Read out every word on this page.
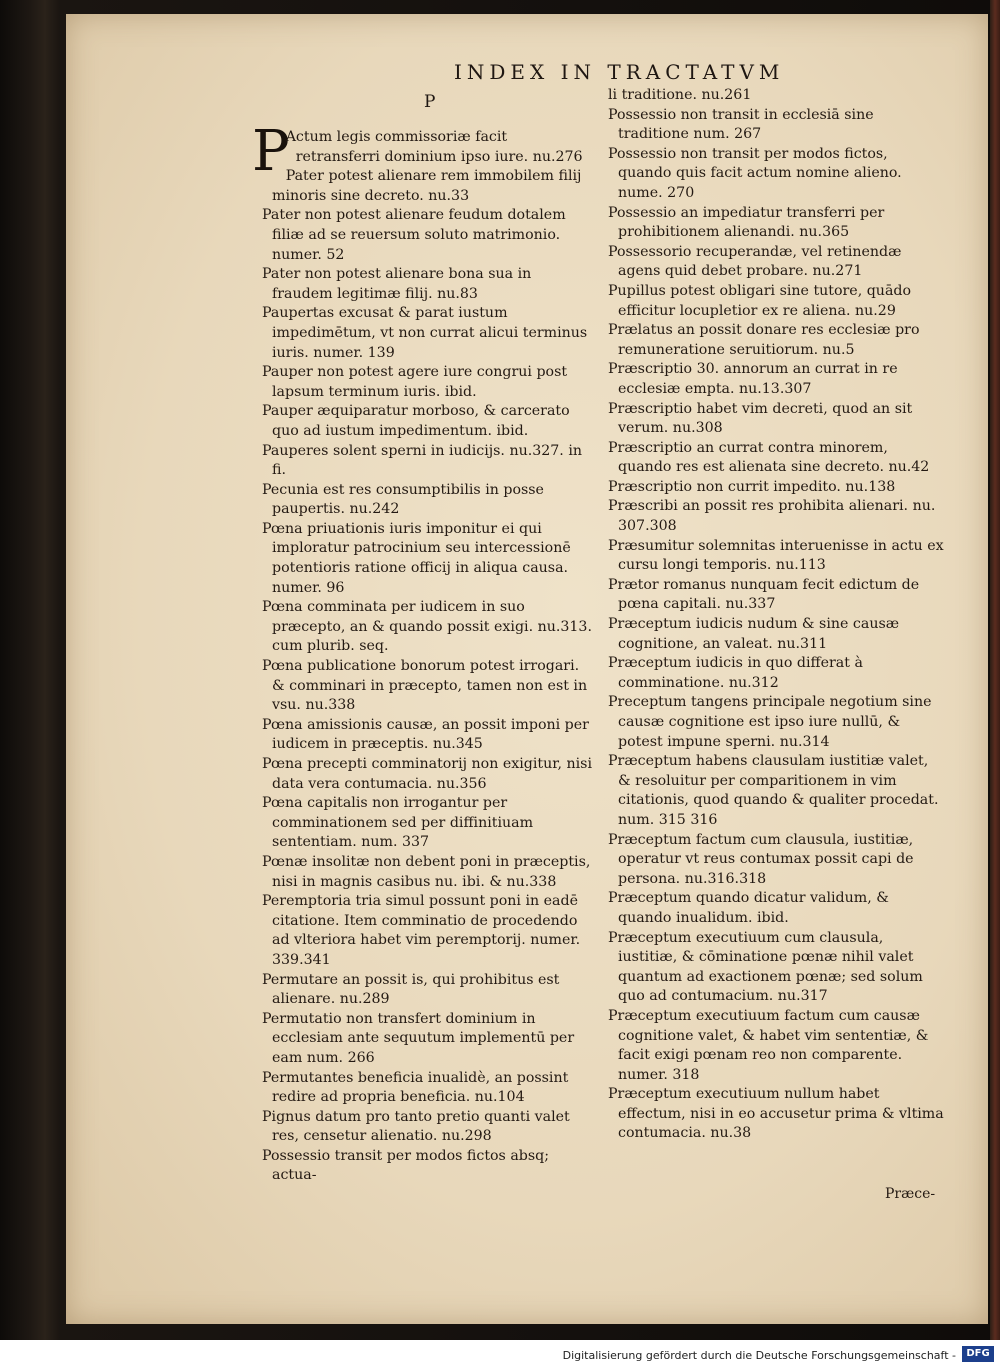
INDEX IN TRACTATVM
P
P

Actum legis commissoriæ facit retransferri dominium ipso iure. nu.276

Pater potest alienare rem immobilem filij minoris sine decreto. nu.33

Pater non potest alienare feudum dotalem filiæ ad se reuersum soluto matrimonio. numer. 52

Pater non potest alienare bona sua in fraudem legitimæ filij. nu.83

Paupertas excusat & parat iustum impedimētum, vt non currat alicui terminus iuris. numer. 139

Pauper non potest agere iure congrui post lapsum terminum iuris. ibid.

Pauper æquiparatur morboso, & carcerato quo ad iustum impedimentum. ibid.

Pauperes solent sperni in iudicijs. nu.327. in fi.

Pecunia est res consumptibilis in posse paupertis. nu.242

Pœna priuationis iuris imponitur ei qui imploratur patrocinium seu intercessionē potentioris ratione officij in aliqua causa. numer. 96

Pœna comminata per iudicem in suo præcepto, an & quando possit exigi. nu.313. cum plurib. seq.

Pœna publicatione bonorum potest irrogari. & comminari in præcepto, tamen non est in vsu. nu.338

Pœna amissionis causæ, an possit imponi per iudicem in præceptis. nu.345

Pœna precepti comminatorij non exigitur, nisi data vera contumacia. nu.356

Pœna capitalis non irrogantur per comminationem sed per diffinitiuam sententiam. num. 337

Pœnæ insolitæ non debent poni in præceptis, nisi in magnis casibus nu. ibi. & nu.338

Peremptoria tria simul possunt poni in eadē citatione. Item comminatio de procedendo ad vlteriora habet vim peremptorij. numer. 339.341

Permutare an possit is, qui prohibitus est alienare. nu.289

Permutatio non transfert dominium in ecclesiam ante sequutum implementū per eam num. 266

Permutantes beneficia inualidè, an possint redire ad propria beneficia. nu.104

Pignus datum pro tanto pretio quanti valet res, censetur alienatio. nu.298

Possessio transit per modos fictos absq; actua-

li traditione. nu.261

Possessio non transit in ecclesiā sine traditione num. 267

Possessio non transit per modos fictos, quando quis facit actum nomine alieno. nume. 270

Possessio an impediatur transferri per prohibitionem alienandi. nu.365

Possessorio recuperandæ, vel retinendæ agens quid debet probare. nu.271

Pupillus potest obligari sine tutore, quādo efficitur locupletior ex re aliena. nu.29

Prælatus an possit donare res ecclesiæ pro remuneratione seruitiorum. nu.5

Præscriptio 30. annorum an currat in re ecclesiæ empta. nu.13.307

Præscriptio habet vim decreti, quod an sit verum. nu.308

Præscriptio an currat contra minorem, quando res est alienata sine decreto. nu.42

Præscriptio non currit impedito. nu.138

Præscribi an possit res prohibita alienari. nu. 307.308

Præsumitur solemnitas interuenisse in actu ex cursu longi temporis. nu.113

Prætor romanus nunquam fecit edictum de pœna capitali. nu.337

Præceptum iudicis nudum & sine causæ cognitione, an valeat. nu.311

Præceptum iudicis in quo differat à comminatione. nu.312

Preceptum tangens principale negotium sine causæ cognitione est ipso iure nullū, & potest impune sperni. nu.314

Præceptum habens clausulam iustitiæ valet, & resoluitur per comparitionem in vim citationis, quod quando & qualiter procedat. num. 315 316

Præceptum factum cum clausula, iustitiæ, operatur vt reus contumax possit capi de persona. nu.316.318

Præceptum quando dicatur validum, & quando inualidum. ibid.

Præceptum executiuum cum clausula, iustitiæ, & cōminatione pœnæ nihil valet quantum ad exactionem pœnæ; sed solum quo ad contumacium. nu.317

Præceptum executiuum factum cum causæ cognitione valet, & habet vim sententiæ, & facit exigi pœnam reo non comparente. numer. 318

Præceptum executiuum nullum habet effectum, nisi in eo accusetur prima & vltima contumacia. nu.38

Præce-
Digitalisierung gefördert durch die Deutsche Forschungsgemeinschaft -	DFG
